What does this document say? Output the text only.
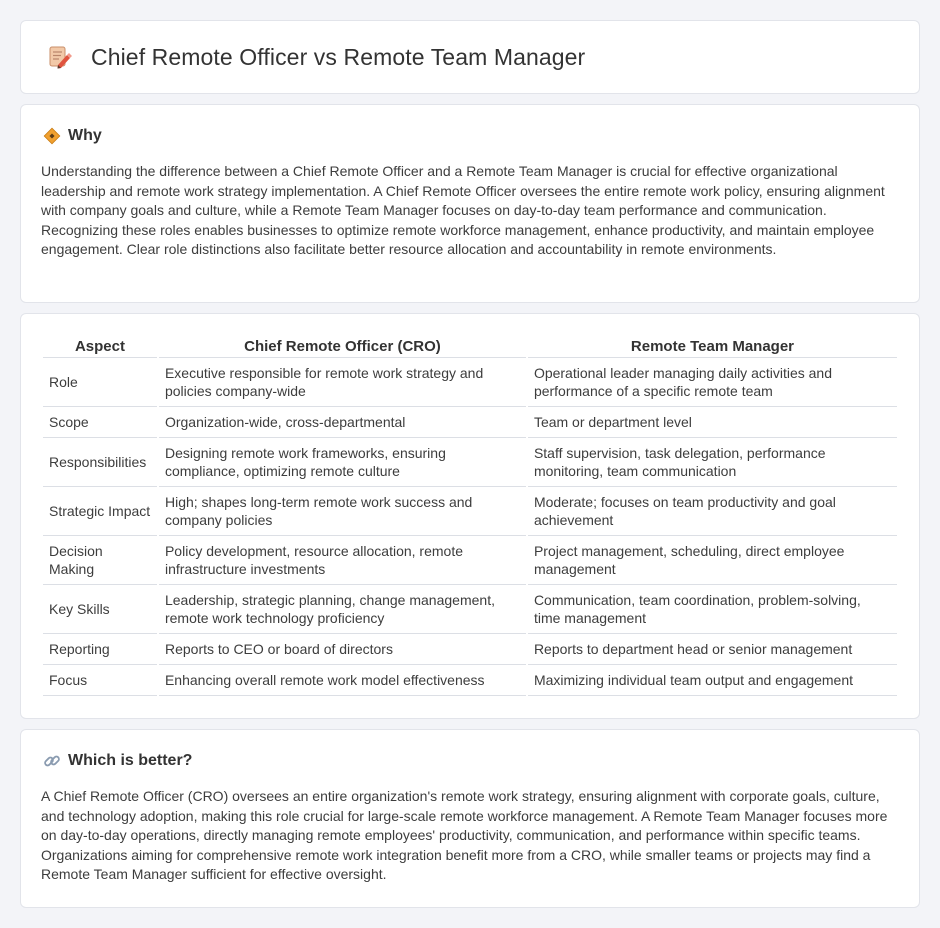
Chief Remote Officer vs Remote Team Manager
Why

Understanding the difference between a Chief Remote Officer and a Remote Team Manager is crucial for effective organizational leadership and remote work strategy implementation. A Chief Remote Officer oversees the entire remote work policy, ensuring alignment with company goals and culture, while a Remote Team Manager focuses on day-to-day team performance and communication. Recognizing these roles enables businesses to optimize remote workforce management, enhance productivity, and maintain employee engagement. Clear role distinctions also facilitate better resource allocation and accountability in remote environments.

Aspect	Chief Remote Officer (CRO)	Remote Team Manager
Role	Executive responsible for remote work strategy and policies company-wide	Operational leader managing daily activities and performance of a specific remote team
Scope	Organization-wide, cross-departmental	Team or department level
Responsibilities	Designing remote work frameworks, ensuring compliance, optimizing remote culture	Staff supervision, task delegation, performance monitoring, team communication
Strategic Impact	High; shapes long-term remote work success and company policies	Moderate; focuses on team productivity and goal achievement
Decision Making	Policy development, resource allocation, remote infrastructure investments	Project management, scheduling, direct employee management
Key Skills	Leadership, strategic planning, change management, remote work technology proficiency	Communication, team coordination, problem-solving, time management
Reporting	Reports to CEO or board of directors	Reports to department head or senior management
Focus	Enhancing overall remote work model effectiveness	Maximizing individual team output and engagement
Which is better?

A Chief Remote Officer (CRO) oversees an entire organization's remote work strategy, ensuring alignment with corporate goals, culture, and technology adoption, making this role crucial for large-scale remote workforce management. A Remote Team Manager focuses more on day-to-day operations, directly managing remote employees' productivity, communication, and performance within specific teams. Organizations aiming for comprehensive remote work integration benefit more from a CRO, while smaller teams or projects may find a Remote Team Manager sufficient for effective oversight.
